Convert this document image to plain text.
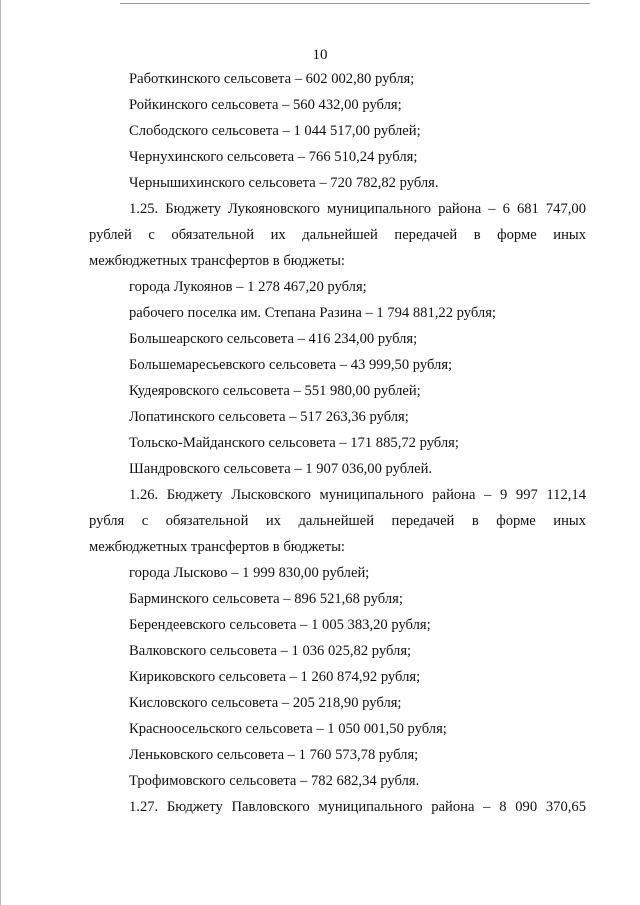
10
Работкинского сельсовета – 602 002,80 рубля;
Ройкинского сельсовета – 560 432,00 рубля;
Слободского сельсовета – 1 044 517,00 рублей;
Чернухинского сельсовета – 766 510,24 рубля;
Чернышихинского сельсовета – 720 782,82 рубля.
1.25. Бюджету Лукояновского муниципального района – 6 681 747,00
рублей с обязательной их дальнейшей передачей в форме иных
межбюджетных трансфертов в бюджеты:
города Лукоянов – 1 278 467,20 рубля;
рабочего поселка им. Степана Разина – 1 794 881,22 рубля;
Большеарского сельсовета – 416 234,00 рубля;
Большемаресьевского сельсовета – 43 999,50 рубля;
Кудеяровского сельсовета – 551 980,00 рублей;
Лопатинского сельсовета – 517 263,36 рубля;
Тольско-Майданского сельсовета – 171 885,72 рубля;
Шандровского сельсовета – 1 907 036,00 рублей.
1.26. Бюджету Лысковского муниципального района – 9 997 112,14
рубля с обязательной их дальнейшей передачей в форме иных
межбюджетных трансфертов в бюджеты:
города Лысково – 1 999 830,00 рублей;
Барминского сельсовета – 896 521,68 рубля;
Берендеевского сельсовета – 1 005 383,20 рубля;
Валковского сельсовета – 1 036 025,82 рубля;
Кириковского сельсовета – 1 260 874,92 рубля;
Кисловского сельсовета – 205 218,90 рубля;
Красноосельского сельсовета – 1 050 001,50 рубля;
Леньковского сельсовета – 1 760 573,78 рубля;
Трофимовского сельсовета – 782 682,34 рубля.
1.27. Бюджету Павловского муниципального района – 8 090 370,65
